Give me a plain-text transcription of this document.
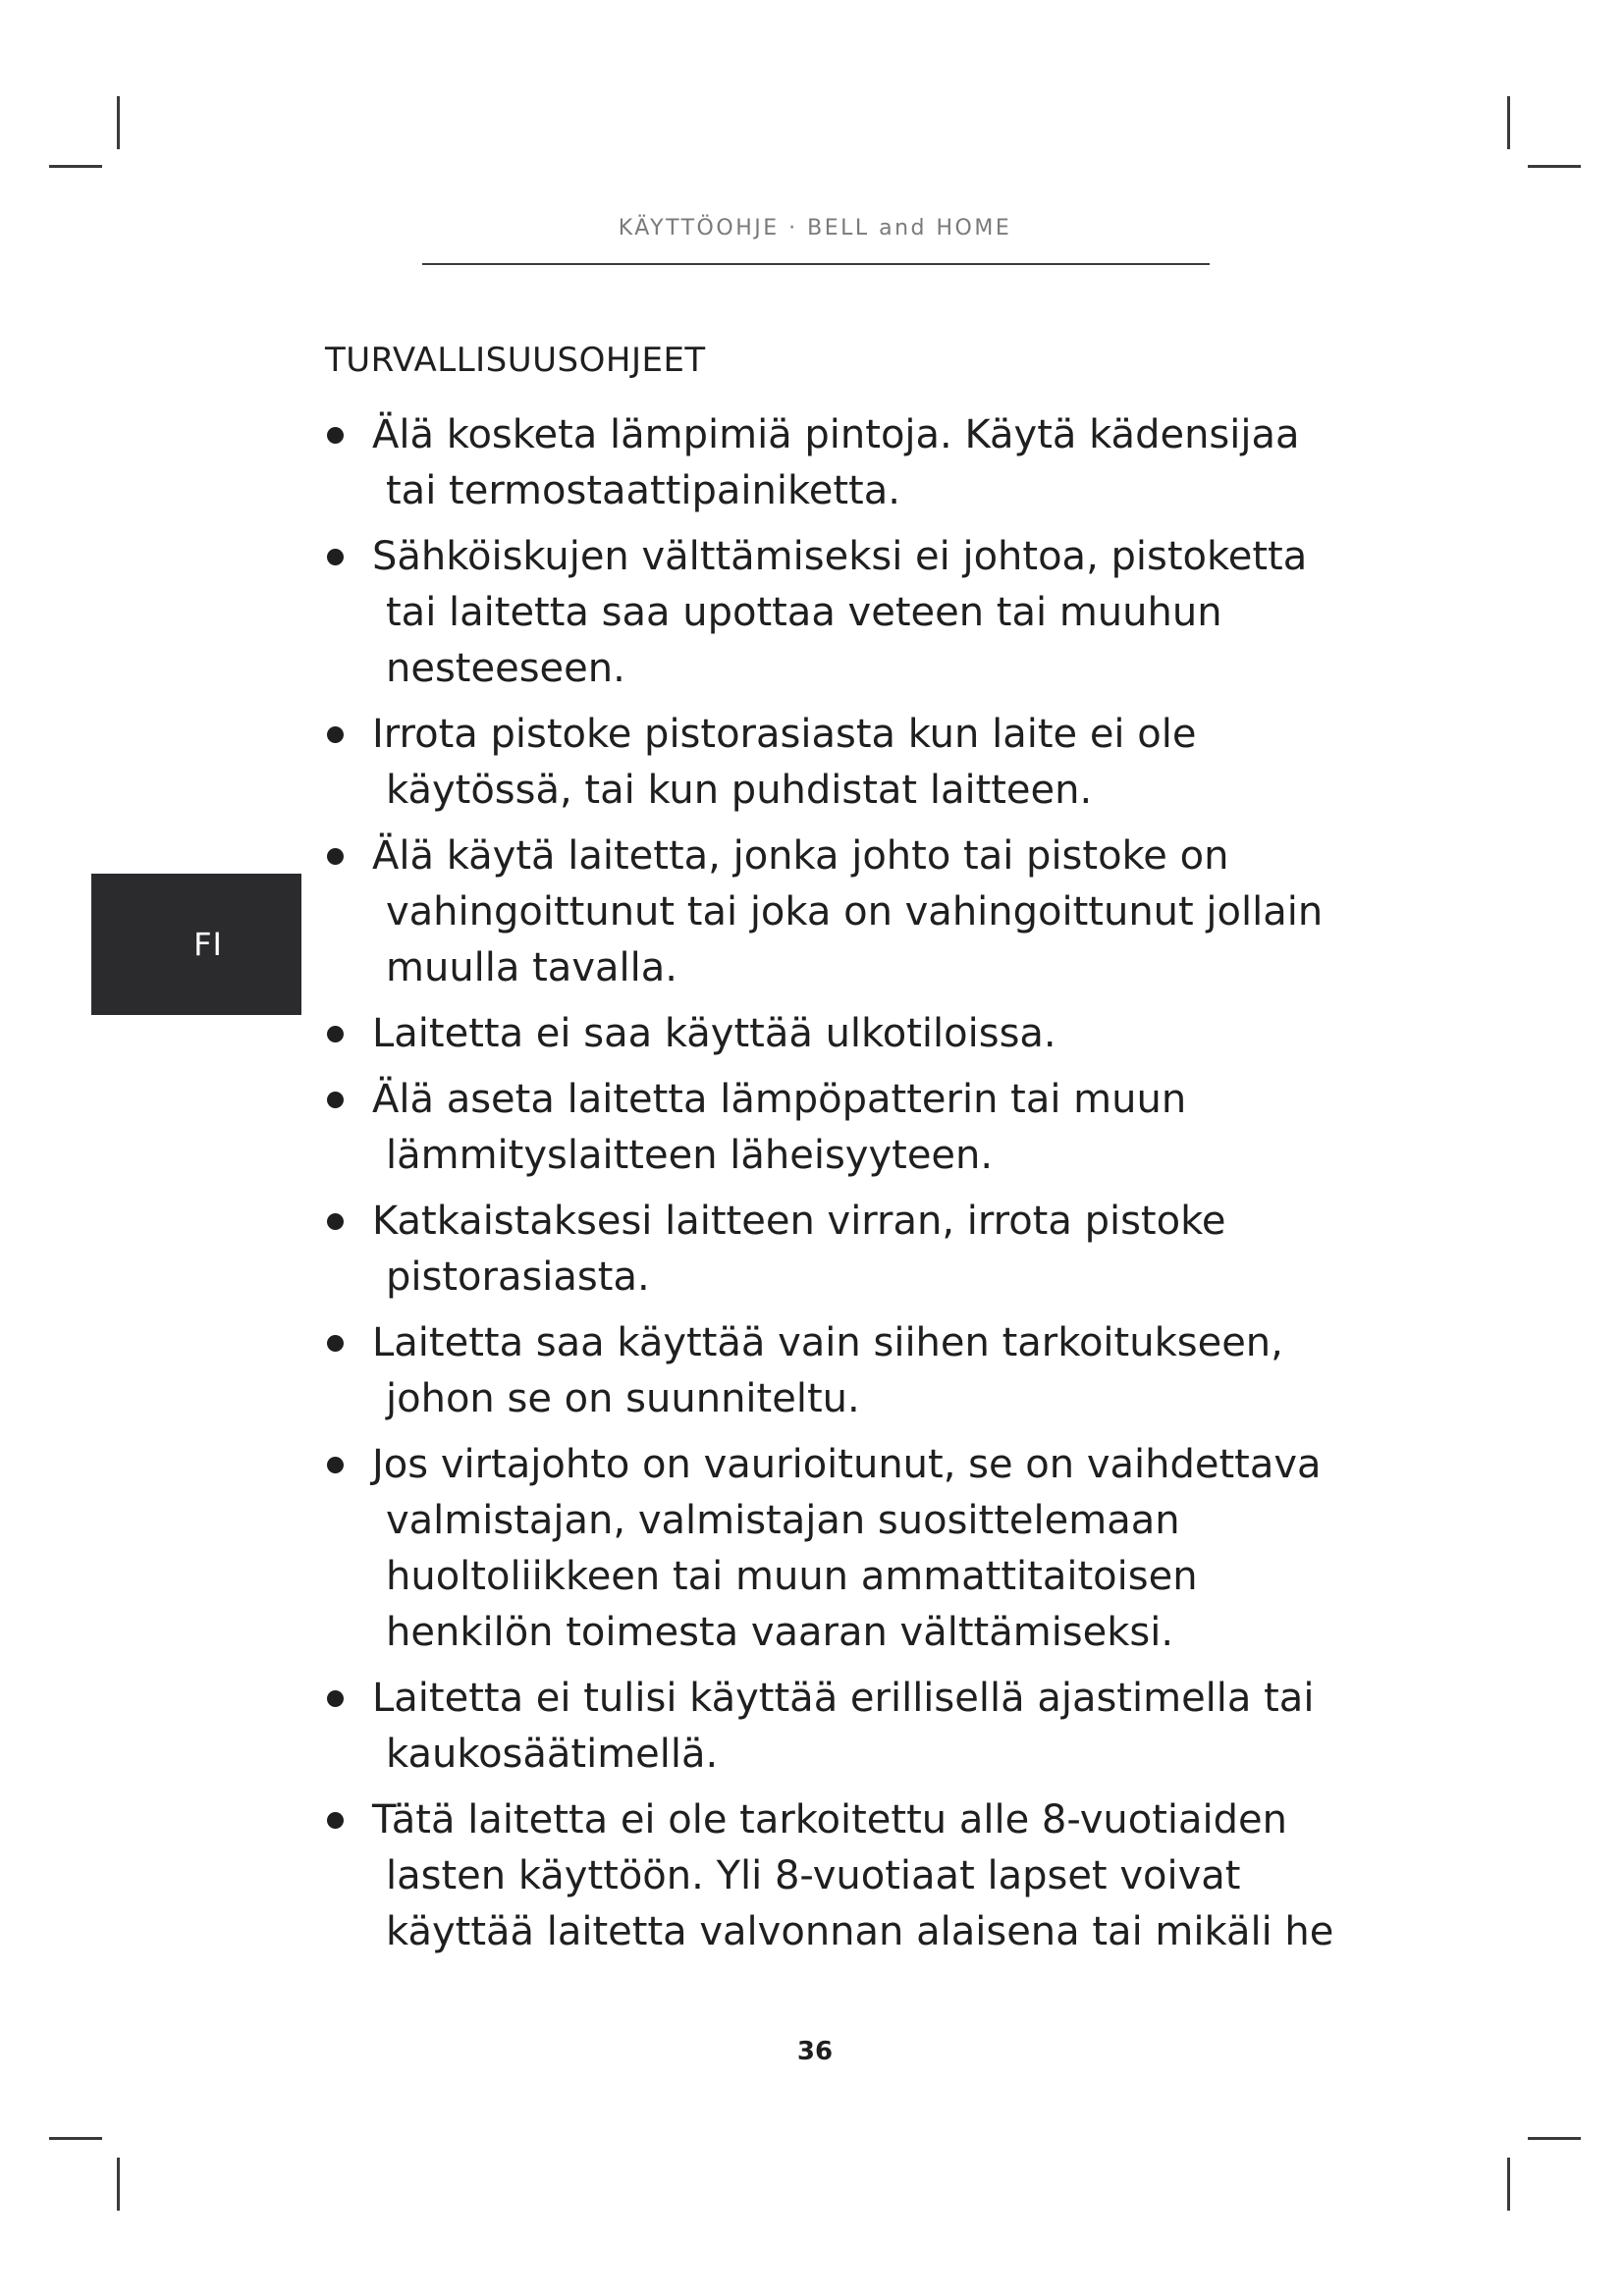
KÄYTTÖOHJE · BELL and HOME
TURVALLISUUSOHJEET
FI
Älä kosketa lämpimiä pintoja. Käytä kädensijaa
tai termostaattipainiketta.
Sähköiskujen välttämiseksi ei johtoa, pistoketta
tai laitetta saa upottaa veteen tai muuhun
nesteeseen.
Irrota pistoke pistorasiasta kun laite ei ole
käytössä, tai kun puhdistat laitteen.
Älä käytä laitetta, jonka johto tai pistoke on
vahingoittunut tai joka on vahingoittunut jollain
muulla tavalla.
Laitetta ei saa käyttää ulkotiloissa.
Älä aseta laitetta lämpöpatterin tai muun
lämmityslaitteen läheisyyteen.
Katkaistaksesi laitteen virran, irrota pistoke
pistorasiasta.
Laitetta saa käyttää vain siihen tarkoitukseen,
johon se on suunniteltu.
Jos virtajohto on vaurioitunut, se on vaihdettava
valmistajan, valmistajan suosittelemaan
huoltoliikkeen tai muun ammattitaitoisen
henkilön toimesta vaaran välttämiseksi.
Laitetta ei tulisi käyttää erillisellä ajastimella tai
kaukosäätimellä.
Tätä laitetta ei ole tarkoitettu alle 8-vuotiaiden
lasten käyttöön. Yli 8-vuotiaat lapset voivat
käyttää laitetta valvonnan alaisena tai mikäli he
36
